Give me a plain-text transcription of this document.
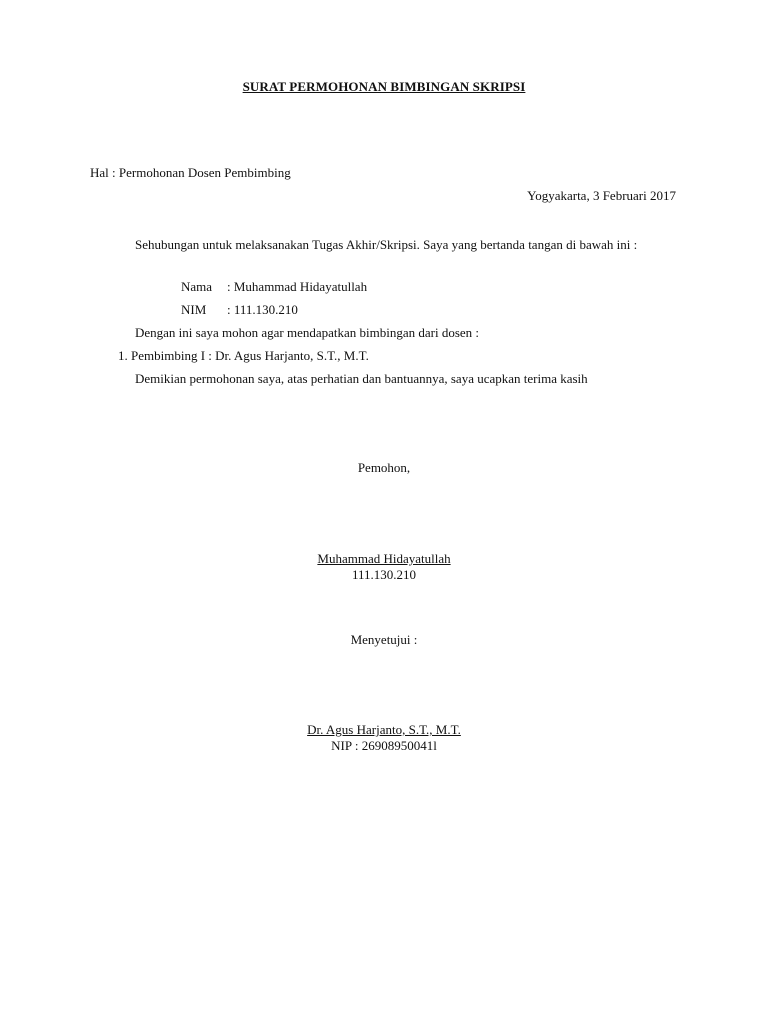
SURAT PERMOHONAN BIMBINGAN SKRIPSI
Hal : Permohonan Dosen Pembimbing
Yogyakarta, 3 Februari 2017
Sehubungan untuk melaksanakan Tugas Akhir/Skripsi. Saya yang bertanda tangan di bawah ini :
Nama : Muhammad Hidayatullah
NIM : 111.130.210
Dengan ini saya mohon agar mendapatkan bimbingan dari dosen :
1. Pembimbing I : Dr. Agus Harjanto, S.T., M.T.
Demikian permohonan saya, atas perhatian dan bantuannya, saya ucapkan terima kasih
Pemohon,
Muhammad Hidayatullah
111.130.210
Menyetujui :
Dr. Agus Harjanto, S.T., M.T.
NIP : 26908950041l
